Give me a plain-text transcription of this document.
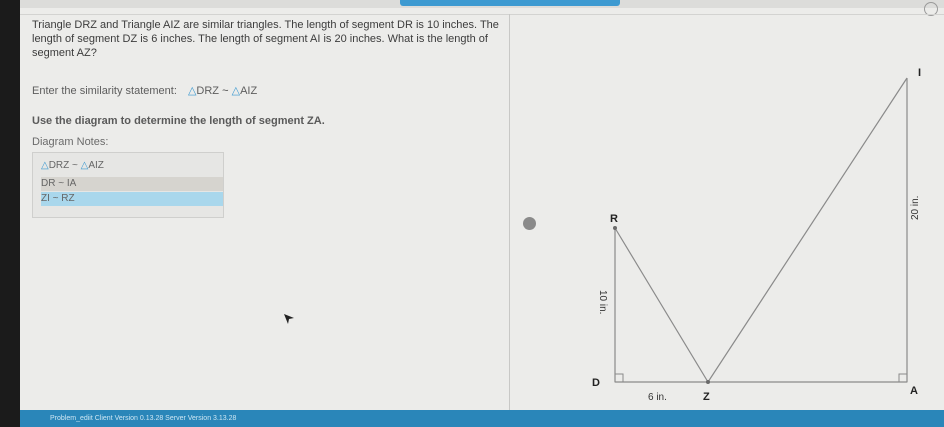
Triangle DRZ and Triangle AIZ are similar triangles. The length of segment DR is 10 inches. The length of segment DZ is 6 inches. The length of segment AI is 20 inches. What is the length of segment AZ?
Enter the similarity statement: △DRZ ~ △AIZ
Use the diagram to determine the length of segment ZA.
Diagram Notes:
△DRZ ~ △AIZ
DR ~ IA
ZI ~ RZ
R
D
Z	A
I
10 in.
6 in.
20 in.
Problem_ediit Client Version 0.13.28 Server Version 3.13.28
